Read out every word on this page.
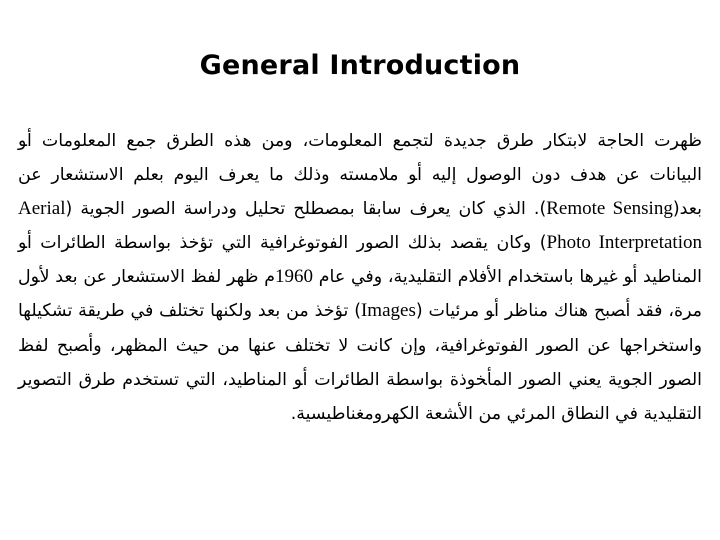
General Introduction
ﻇﻬﺮﺕ ﺍﻟﺤﺎﺟﺔ ﻻﺑﺘﻜﺎﺭ ﻃﺮﻕ ﺟﺪﻳﺪﺓ ﻟﺘﺠﻤﻊ ﺍﻟﻤﻌﻠﻮﻣﺎﺕ، ﻭﻣﻦ ﻫﺬﻩ ﺍﻟﻄﺮﻕ ﺟﻤﻊ ﺍﻟﻤﻌﻠﻮﻣﺎﺕ ﺃﻮ ﺍﻟﺒﻴﺎﻧﺎﺕ ﻋﻦ ﻫﺪﻑ ﺩﻭﻥ ﺍﻟﻮﺻﻮﻝ ﺇﻟﻴﻪ ﺃﻮ ﻣﻼﻣﺴﺘﻪ ﻭﺫﻟﻚ ﻣﺎ ﻳﻌﺮﻑ ﺍﻟﻴﻮﻡ ﺑﻌﻠﻢ ﺍﻻﺳﺘﺸﻌﺎﺭ ﻋﻦ ﺑﻌﺪ(Remote Sensing). ﺍﻟﺬﻱ ﻛﺎﻥ ﻳﻌﺮﻑ ﺳﺎﺑﻘﺎ ﺑﻤﺼﻄﻠﺢ ﺗﺤﻠﻴﻞ ﻭﺩﺭﺍﺳﺔ ﺍﻟﺼﻮﺭ ﺍﻟﺠﻮﻳﺔ (Aerial Photo Interpretation) ﻭﻛﺎﻥ ﻳﻘﺼﺪ ﺑﺬﻟﻚ ﺍﻟﺼﻮﺭ ﺍﻟﻔﻮﺗﻮﻏﺮﺍﻓﻴﺔ ﺍﻟﺘﻲ ﺗﺆﺧﺬ ﺑﻮﺍﺳﻄﺔ ﺍﻟﻄﺎﺋﺮﺍﺕ ﺃﻮ ﺍﻟﻤﻨﺎﻃﻴﺪ ﺃﻮ ﻏﻴﺮﻫﺎ ﺑﺎﺳﺘﺨﺪﺍﻡ ﺍﻷﻓﻼﻡ ﺍﻟﺘﻘﻠﻴﺪﻳﺔ، ﻭﻓﻲ ﻋﺎﻡ 1960ﻡ ﻇﻬﺮ ﻟﻔﻆ ﺍﻻﺳﺘﺸﻌﺎﺭ ﻋﻦ ﺑﻌﺪ ﻷﻮﻝ ﻣﺮﺓ، ﻓﻘﺪ ﺃﺼﺒﺢ ﻫﻨﺎﻙ ﻣﻨﺎﻇﺮ ﺃﻮ ﻣﺮﺋﻴﺎﺕ (Images) ﺗﺆﺧﺬ ﻣﻦ ﺑﻌﺪ ﻭﻟﻜﻨﻬﺎ ﺗﺨﺘﻠﻒ ﻓﻲ ﻃﺮﻳﻘﺔ ﺗﺸﻜﻴﻠﻬﺎ ﻭﺍﺳﺘﺨﺮﺍﺟﻬﺎ ﻋﻦ ﺍﻟﺼﻮﺭ ﺍﻟﻔﻮﺗﻮﻏﺮﺍﻓﻴﺔ، ﻭﺇﻥ ﻛﺎﻧﺖ ﻻ ﺗﺨﺘﻠﻒ ﻋﻨﻬﺎ ﻣﻦ ﺣﻴﺚ ﺍﻟﻤﻈﻬﺮ، ﻭﺃﺼﺒﺢ ﻟﻔﻆ ﺍﻟﺼﻮﺭ ﺍﻟﺠﻮﻳﺔ ﻳﻌﻨﻲ ﺍﻟﺼﻮﺭ ﺍﻟﻤﺄﺨﻮﺫﺓ ﺑﻮﺍﺳﻄﺔ ﺍﻟﻄﺎﺋﺮﺍﺕ ﺃﻮ ﺍﻟﻤﻨﺎﻃﻴﺪ، ﺍﻟﺘﻲ ﺗﺴﺘﺨﺪﻡ ﻃﺮﻕ ﺍﻟﺘﺼﻮﻳﺮ ﺍﻟﺘﻘﻠﻴﺪﻳﺔ ﻓﻲ ﺍﻟﻨﻄﺎﻕ ﺍﻟﻤﺮﺋﻲ ﻣﻦ ﺍﻷﺸﻌﺔ ﺍﻟﻜﻬﺮﻭﻣﻐﻨﺎﻃﻴﺴﻴﺔ.
